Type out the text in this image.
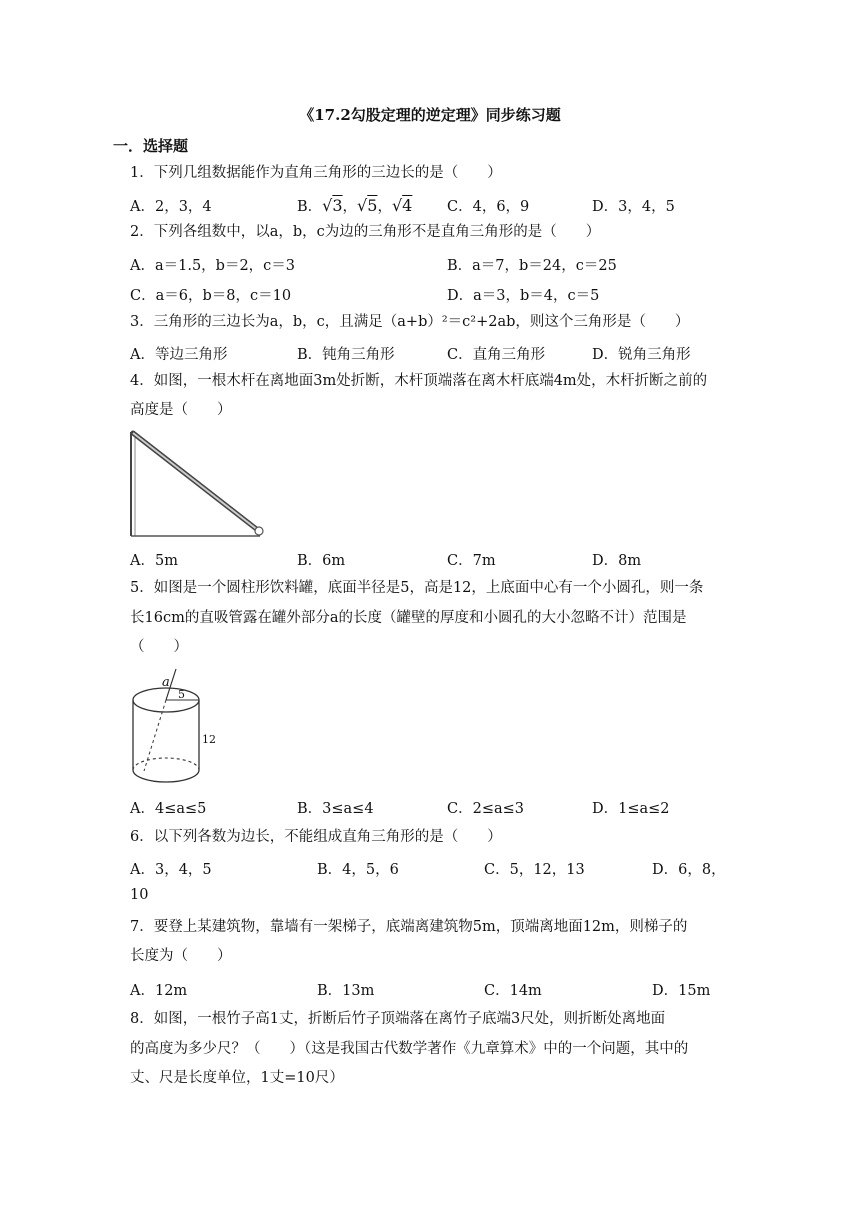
《17.2勾股定理的逆定理》同步练习题
一．选择题
1．下列几组数据能作为直角三角形的三边长的是（　　）
A．2，3，4	B．√3，√5，√4 C．4，6，9	D．3，4，5
2．下列各组数中，以a，b，c为边的三角形不是直角三角形的是（　　）
A．a＝1.5，b＝2，c＝3	B．a＝7，b＝24，c＝25
C．a＝6，b＝8，c＝10	D．a＝3，b＝4，c＝5
3．三角形的三边长为a，b，c，且满足（a+b）²＝c²+2ab，则这个三角形是（　　）
A．等边三角形	B．钝角三角形	C．直角三角形	D．锐角三角形
4．如图，一根木杆在离地面3m处折断，木杆顶端落在离木杆底端4m处，木杆折断之前的
高度是（　　）
A．5m	B．6m	C．7m	D．8m
5．如图是一个圆柱形饮料罐，底面半径是5，高是12，上底面中心有一个小圆孔，则一条
长16cm的直吸管露在罐外部分a的长度（罐壁的厚度和小圆孔的大小忽略不计）范围是
（　　）
a
5
12
A．4≤a≤5	B．3≤a≤4	C．2≤a≤3	D．1≤a≤2
6．以下列各数为边长，不能组成直角三角形的是（　　）
A．3，4，5	B．4，5，6	C．5，12，13	D．6，8，
10
7．要登上某建筑物，靠墙有一架梯子，底端离建筑物5m，顶端离地面12m，则梯子的
长度为（　　）
A．12m	B．13m	C．14m	D．15m
8．如图，一根竹子高1丈，折断后竹子顶端落在离竹子底端3尺处，则折断处离地面
的高度为多少尺？（　　）（这是我国古代数学著作《九章算术》中的一个问题，其中的
丈、尺是长度单位，1丈=10尺）
